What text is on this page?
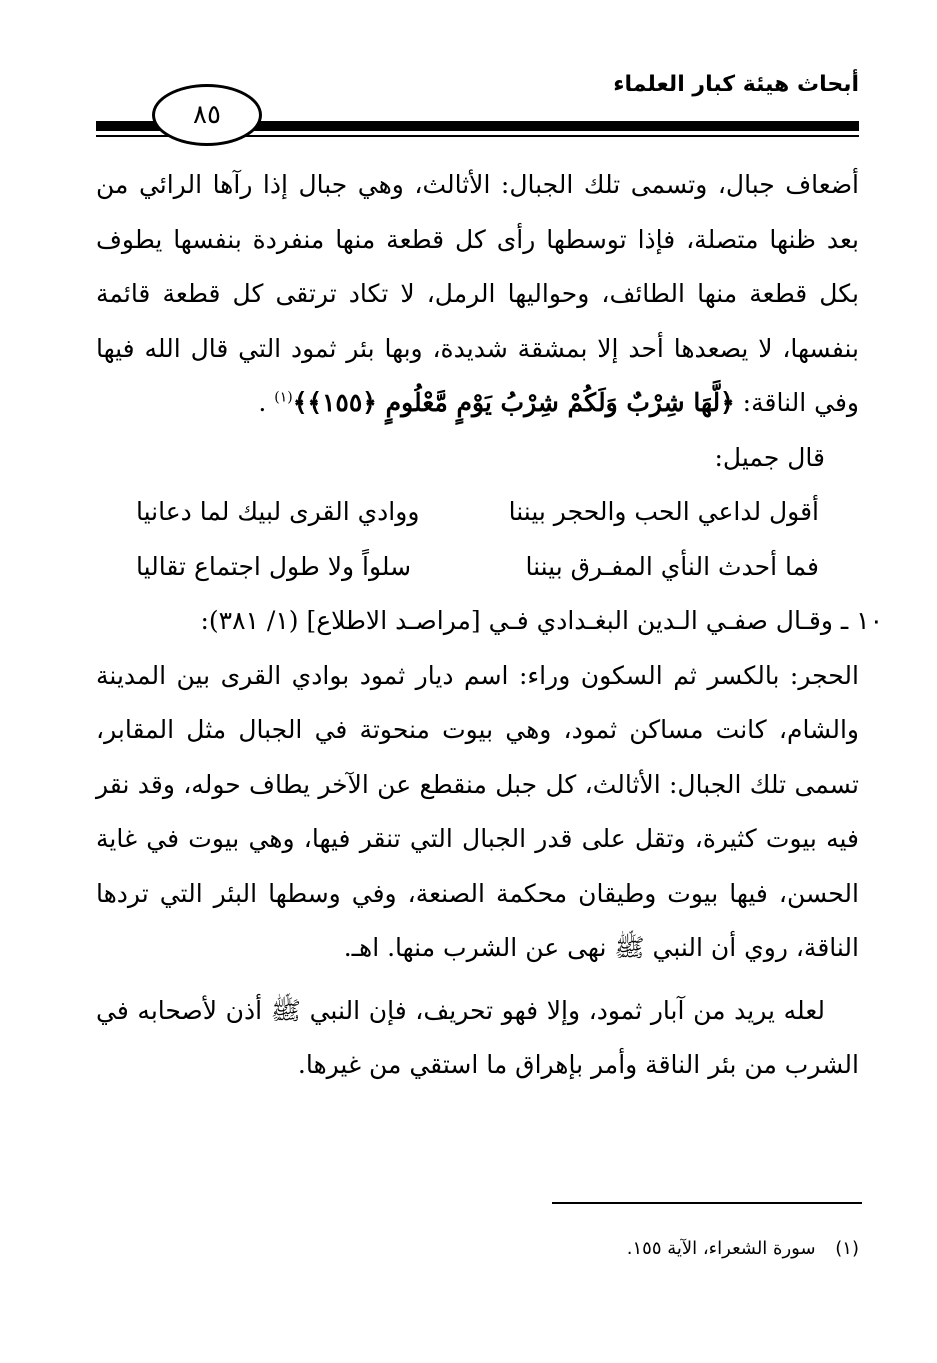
أبحاث هيئة كبار العلماء
٨٥

أضعاف جبال، وتسمى تلك الجبال: الأثالث، وهي جبال إذا رآها الرائي من بعد ظنها متصلة، فإذا توسطها رأى كل قطعة منها منفردة بنفسها يطوف بكل قطعة منها الطائف، وحواليها الرمل، لا تكاد ترتقى كل قطعة قائمة بنفسها، لا يصعدها أحد إلا بمشقة شديدة، وبها بئر ثمود التي قال الله فيها وفي الناقة: ﴿لَّهَا شِرْبٌ وَلَكُمْ شِرْبُ يَوْمٍ مَّعْلُومٍ ﴿١٥٥﴾﴾$^{(١)}$ .

قال جميل:

أقول لداعي الحب والحجر بيننا
ووادي القرى لبيك لما دعانيا
فما أحدث النأي المفـرق بيننا
سلواً ولا طول اجتماع تقاليا

١٠ ـ وقـال صفـي الـدين البغـدادي فـي [مراصـد الاطلاع] (١/ ٣٨١):

الحجر: بالكسر ثم السكون وراء: اسم ديار ثمود بوادي القرى بين المدينة والشام، كانت مساكن ثمود، وهي بيوت منحوتة في الجبال مثل المقابر، تسمى تلك الجبال: الأثالث، كل جبل منقطع عن الآخر يطاف حوله، وقد نقر فيه بيوت كثيرة، وتقل على قدر الجبال التي تنقر فيها، وهي بيوت في غاية الحسن، فيها بيوت وطيقان محكمة الصنعة، وفي وسطها البئر التي تردها الناقة، روي أن النبي ﷺ نهى عن الشرب منها. اهـ.

لعله يريد من آبار ثمود، وإلا فهو تحريف، فإن النبي ﷺ أذن لأصحابه في الشرب من بئر الناقة وأمر بإهراق ما استقي من غيرها.

(١) سورة الشعراء، الآية ١٥٥.
